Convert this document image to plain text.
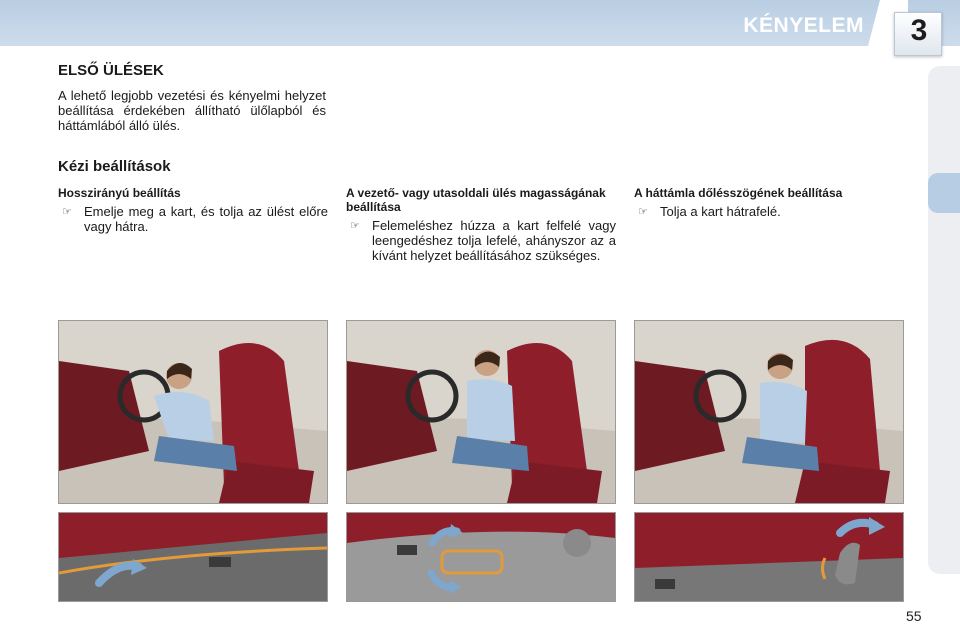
KÉNYELEM 3
ELSŐ ÜLÉSEK
A lehető legjobb vezetési és kényelmi helyzet beállítása érdekében állítható ülőlapból és háttámlából álló ülés.
Kézi beállítások
Hosszirányú beállítás
☞ Emelje meg a kart, és tolja az ülést előre vagy hátra.
A vezető- vagy utasoldali ülés magasságának beállítása
☞ Felemeléshez húzza a kart felfelé vagy leengedéshez tolja lefelé, ahányszor az a kívánt helyzet beállításához szükséges.
A háttámla dőlésszögének beállítása
☞ Tolja a kart hátrafelé.
55
